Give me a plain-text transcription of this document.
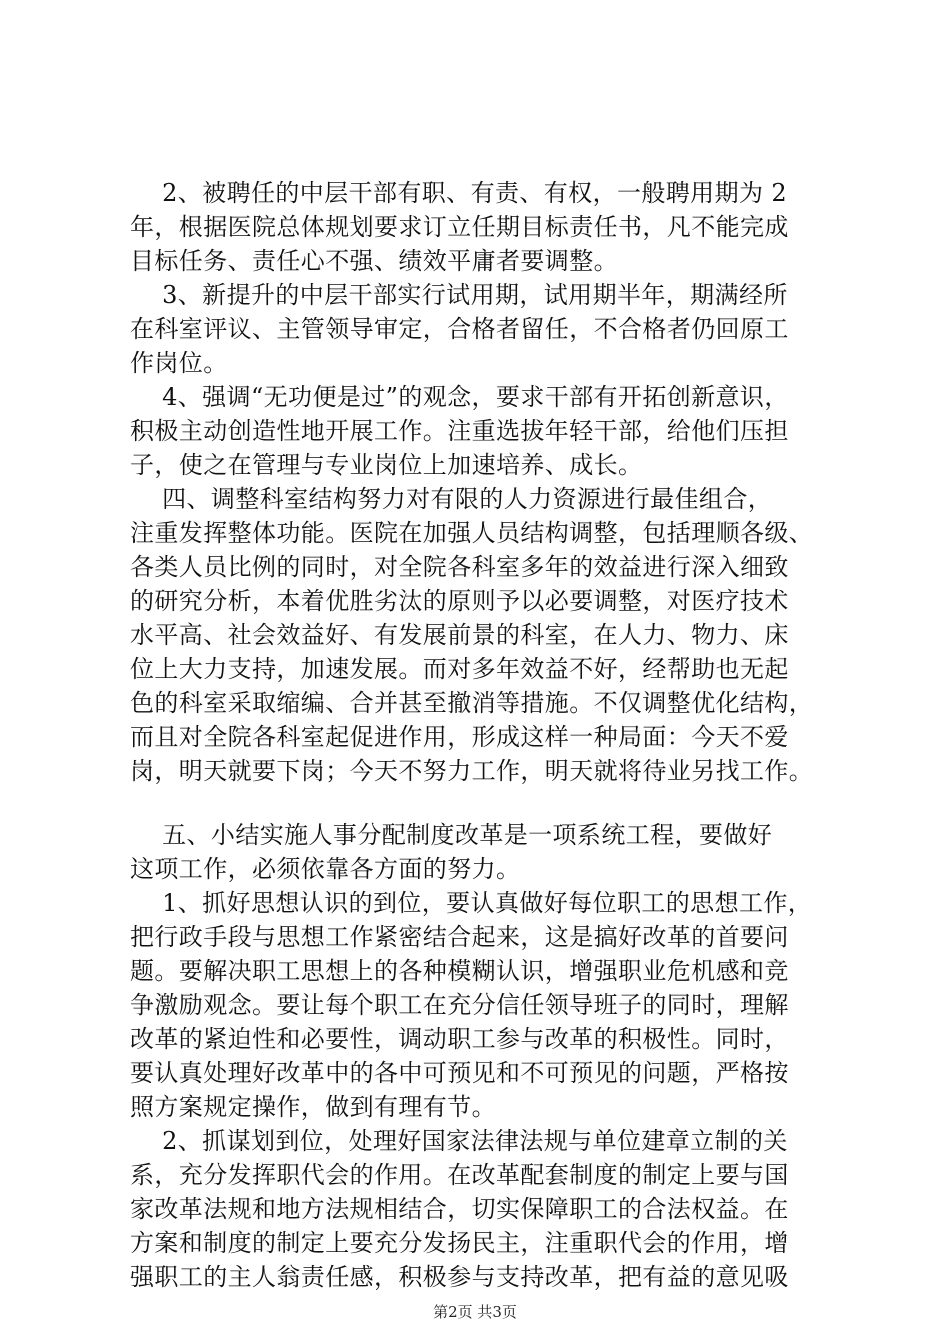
2、被聘任的中层干部有职、有责、有权，一般聘用期为 2
年，根据医院总体规划要求订立任期目标责任书，凡不能完成
目标任务、责任心不强、绩效平庸者要调整。
3、新提升的中层干部实行试用期，试用期半年，期满经所
在科室评议、主管领导审定，合格者留任，不合格者仍回原工
作岗位。
4、强调“无功便是过”的观念，要求干部有开拓创新意识，
积极主动创造性地开展工作。注重选拔年轻干部，给他们压担
子，使之在管理与专业岗位上加速培养、成长。
四、调整科室结构努力对有限的人力资源进行最佳组合，
注重发挥整体功能。医院在加强人员结构调整，包括理顺各级、
各类人员比例的同时，对全院各科室多年的效益进行深入细致
的研究分析，本着优胜劣汰的原则予以必要调整，对医疗技术
水平高、社会效益好、有发展前景的科室，在人力、物力、床
位上大力支持，加速发展。而对多年效益不好，经帮助也无起
色的科室采取缩编、合并甚至撤消等措施。不仅调整优化结构，
而且对全院各科室起促进作用，形成这样一种局面：今天不爱
岗，明天就要下岗；今天不努力工作，明天就将待业另找工作。
五、小结实施人事分配制度改革是一项系统工程，要做好
这项工作，必须依靠各方面的努力。
1、抓好思想认识的到位，要认真做好每位职工的思想工作，
把行政手段与思想工作紧密结合起来，这是搞好改革的首要问
题。要解决职工思想上的各种模糊认识，增强职业危机感和竞
争激励观念。要让每个职工在充分信任领导班子的同时，理解
改革的紧迫性和必要性，调动职工参与改革的积极性。同时，
要认真处理好改革中的各中可预见和不可预见的问题，严格按
照方案规定操作，做到有理有节。
2、抓谋划到位，处理好国家法律法规与单位建章立制的关
系，充分发挥职代会的作用。在改革配套制度的制定上要与国
家改革法规和地方法规相结合，切实保障职工的合法权益。在
方案和制度的制定上要充分发扬民主，注重职代会的作用，增
强职工的主人翁责任感，积极参与支持改革，把有益的意见吸
第2页 共3页
